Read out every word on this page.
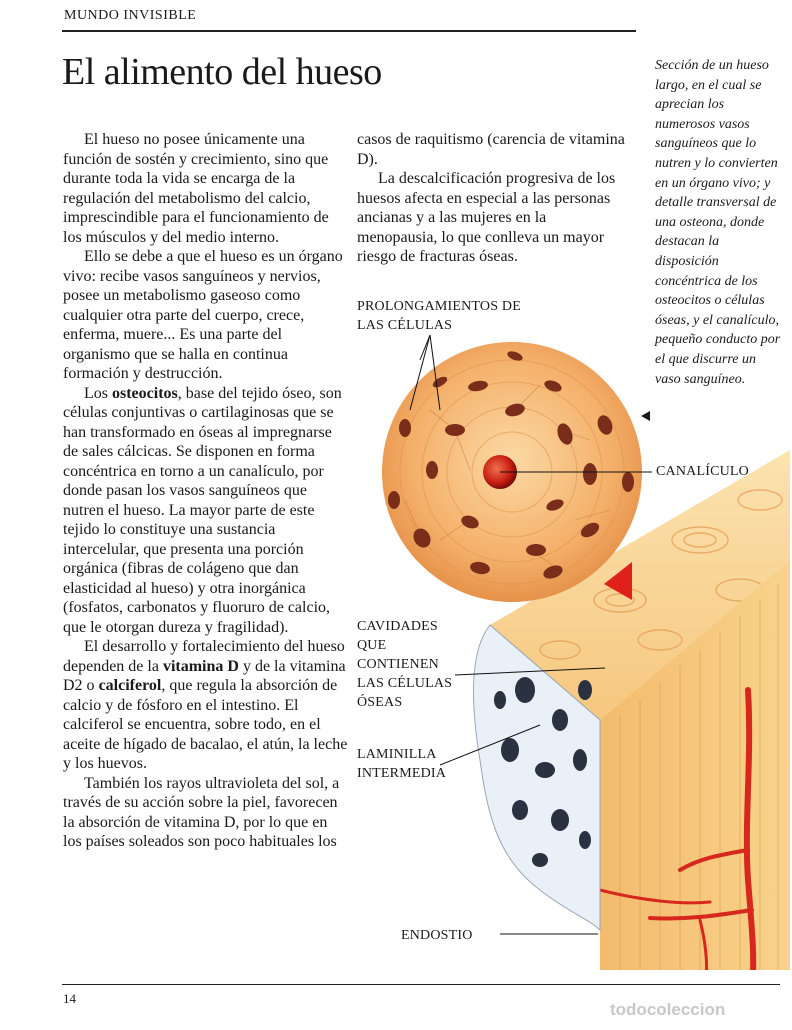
MUNDO INVISIBLE
El alimento del hueso

El hueso no posee únicamente una función de sostén y crecimiento, sino que durante toda la vida se encarga de la regulación del metabolismo del calcio, imprescindible para el funcionamiento de los músculos y del medio interno.

Ello se debe a que el hueso es un órgano vivo: recibe vasos sanguíneos y nervios, posee un metabolismo gaseoso como cualquier otra parte del cuerpo, crece, enferma, muere... Es una parte del organismo que se halla en continua formación y destrucción.

Los osteocitos, base del tejido óseo, son células conjuntivas o cartilaginosas que se han transformado en óseas al impregnarse de sales cálcicas. Se disponen en forma concéntrica en torno a un canalículo, por donde pasan los vasos sanguíneos que nutren el hueso. La mayor parte de este tejido lo constituye una sustancia intercelular, que presenta una porción orgánica (fibras de colágeno que dan elasticidad al hueso) y otra inorgánica (fosfatos, carbonatos y fluoruro de calcio, que le otorgan dureza y fragilidad).

El desarrollo y fortalecimiento del hueso dependen de la vitamina D y de la vitamina D2 o calciferol, que regula la absorción de calcio y de fósforo en el intestino. El calciferol se encuentra, sobre todo, en el aceite de hígado de bacalao, el atún, la leche y los huevos.

También los rayos ultravioleta del sol, a través de su acción sobre la piel, favorecen la absorción de vitamina D, por lo que en los países soleados son poco habituales los

casos de raquitismo (carencia de vitamina D).

La descalcificación progresiva de los huesos afecta en especial a las personas ancianas y a las mujeres en la menopausia, lo que conlleva un mayor riesgo de fracturas óseas.

Sección de un hueso largo, en el cual se aprecian los numerosos vasos sanguíneos que lo nutren y lo convierten en un órgano vivo; y detalle transversal de una osteona, donde destacan la disposición concéntrica de los osteocitos o células óseas, y el canalículo, pequeño conducto por el que discurre un vaso sanguíneo.
PROLONGAMIENTOS DE LAS CÉLULAS
CANALÍCULO
CAVIDADES QUE CONTIENEN LAS CÉLULAS ÓSEAS
LAMINILLA INTERMEDIA
ENDOSTIO
14
todocoleccion
